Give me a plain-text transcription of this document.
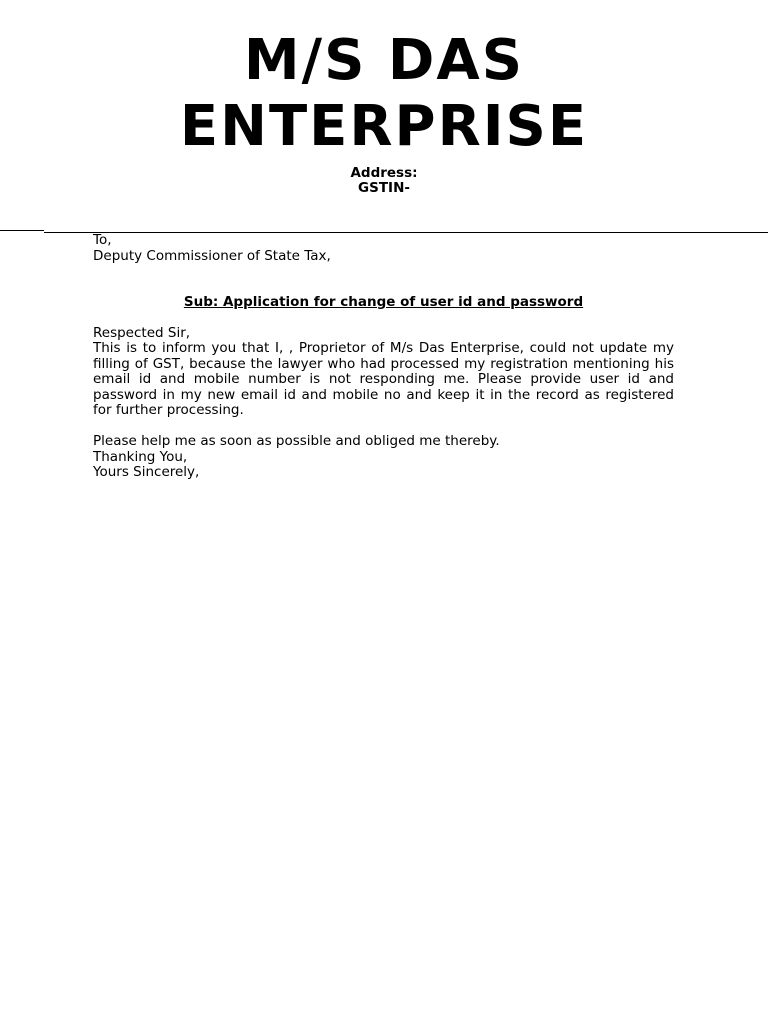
M/S DAS

ENTERPRISE

Address:

GSTIN-

To,

Deputy Commissioner of State Tax,

Sub: Application for change of user id and password

Respected Sir,

This is to inform you that I, , Proprietor of M/s Das Enterprise, could not update my filling of GST, because the lawyer who had processed my registration mentioning his email id and mobile number is not responding me. Please provide user id and password in my new email id and mobile no and keep it in the record as registered for further processing.

Please help me as soon as possible and obliged me thereby.

Thanking You,

Yours Sincerely,
